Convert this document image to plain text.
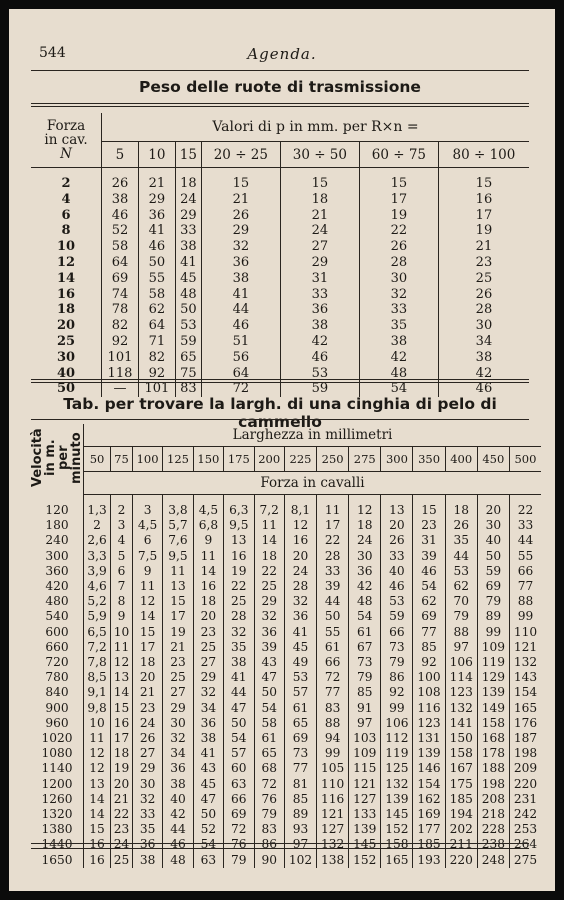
544	Agenda.
Peso delle ruote di trasmissione
Forza
in cav.
N	Valori di p in mm. per R×n =						
	5	10	15	20 ÷ 25	30 ÷ 50	60 ÷ 75	80 ÷ 100
2	26	21	18	15	15	15	15
4	38	29	24	21	18	17	16
6	46	36	29	26	21	19	17
8	52	41	33	29	24	22	19
10	58	46	38	32	27	26	21
12	64	50	41	36	29	28	23
14	69	55	45	38	31	30	25
16	74	58	48	41	33	32	26
18	78	62	50	44	36	33	28
20	82	64	53	46	38	35	30
25	92	71	59	51	42	38	34
30	101	82	65	56	46	42	38
40	118	92	75	64	53	48	42
50	—	101	83	72	59	54	46
Tab. per trovare la largh. di una cinghia di pelo di cammello
Velocità
in m.
per
minuto	Larghezza in millimetri														
	50	75	100	125	150	175	200	225	250	275	300	350	400	450	500
	Forza in cavalli														
120	1,3	2	3	3,8	4,5	6,3	7,2	8,1	11	12	13	15	18	20	22
180	2	3	4,5	5,7	6,8	9,5	11	12	17	18	20	23	26	30	33
240	2,6	4	6	7,6	9	13	14	16	22	24	26	31	35	40	44
300	3,3	5	7,5	9,5	11	16	18	20	28	30	33	39	44	50	55
360	3,9	6	9	11	14	19	22	24	33	36	40	46	53	59	66
420	4,6	7	11	13	16	22	25	28	39	42	46	54	62	69	77
480	5,2	8	12	15	18	25	29	32	44	48	53	62	70	79	88
540	5,9	9	14	17	20	28	32	36	50	54	59	69	79	89	99
600	6,5	10	15	19	23	32	36	41	55	61	66	77	88	99	110
660	7,2	11	17	21	25	35	39	45	61	67	73	85	97	109	121
720	7,8	12	18	23	27	38	43	49	66	73	79	92	106	119	132
780	8,5	13	20	25	29	41	47	53	72	79	86	100	114	129	143
840	9,1	14	21	27	32	44	50	57	77	85	92	108	123	139	154
900	9,8	15	23	29	34	47	54	61	83	91	99	116	132	149	165
960	10	16	24	30	36	50	58	65	88	97	106	123	141	158	176
1020	11	17	26	32	38	54	61	69	94	103	112	131	150	168	187
1080	12	18	27	34	41	57	65	73	99	109	119	139	158	178	198
1140	12	19	29	36	43	60	68	77	105	115	125	146	167	188	209
1200	13	20	30	38	45	63	72	81	110	121	132	154	175	198	220
1260	14	21	32	40	47	66	76	85	116	127	139	162	185	208	231
1320	14	22	33	42	50	69	79	89	121	133	145	169	194	218	242
1380	15	23	35	44	52	72	83	93	127	139	152	177	202	228	253
1440	16	24	36	46	54	76	86	97	132	145	158	185	211	238	264
1650	16	25	38	48	63	79	90	102	138	152	165	193	220	248	275
